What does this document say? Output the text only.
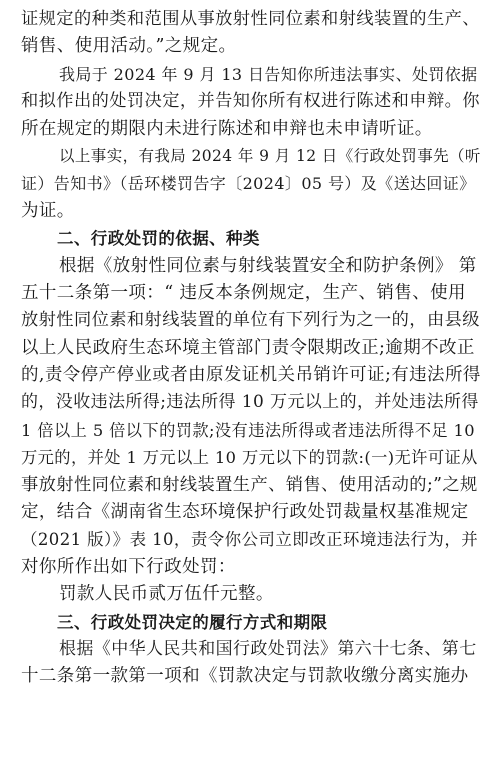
证规定的种类和范围从事放射性同位素和射线装置的生产、
销售、使用活动。”之规定。
我局于 2024 年 9 月 13 日告知你所违法事实、处罚依据
和拟作出的处罚决定，并告知你所有权进行陈述和申辩。你
所在规定的期限内未进行陈述和申辩也未申请听证。
以上事实，有我局 2024 年 9 月 12 日《行政处罚事先（听
证）告知书》（岳环楼罚告字〔2024〕05 号）及《送达回证》
为证。
二、行政处罚的依据、种类
根据《放射性同位素与射线装置安全和防护条例》 第
五十二条第一项：“ 违反本条例规定，生产、销售、使用
放射性同位素和射线装置的单位有下列行为之一的，由县级
以上人民政府生态环境主管部门责令限期改正;逾期不改正
的,责令停产停业或者由原发证机关吊销许可证;有违法所得
的，没收违法所得;违法所得 10 万元以上的，并处违法所得
1 倍以上 5 倍以下的罚款;没有违法所得或者违法所得不足 10
万元的，并处 1 万元以上 10 万元以下的罚款:(一)无许可证从
事放射性同位素和射线装置生产、销售、使用活动的;”之规
定，结合《湖南省生态环境保护行政处罚裁量权基准规定
（2021 版）》表 10，责令你公司立即改正环境违法行为，并
对你所作出如下行政处罚：
罚款人民币贰万伍仟元整。
三、行政处罚决定的履行方式和期限
根据《中华人民共和国行政处罚法》第六十七条、第七
十二条第一款第一项和《罚款决定与罚款收缴分离实施办
